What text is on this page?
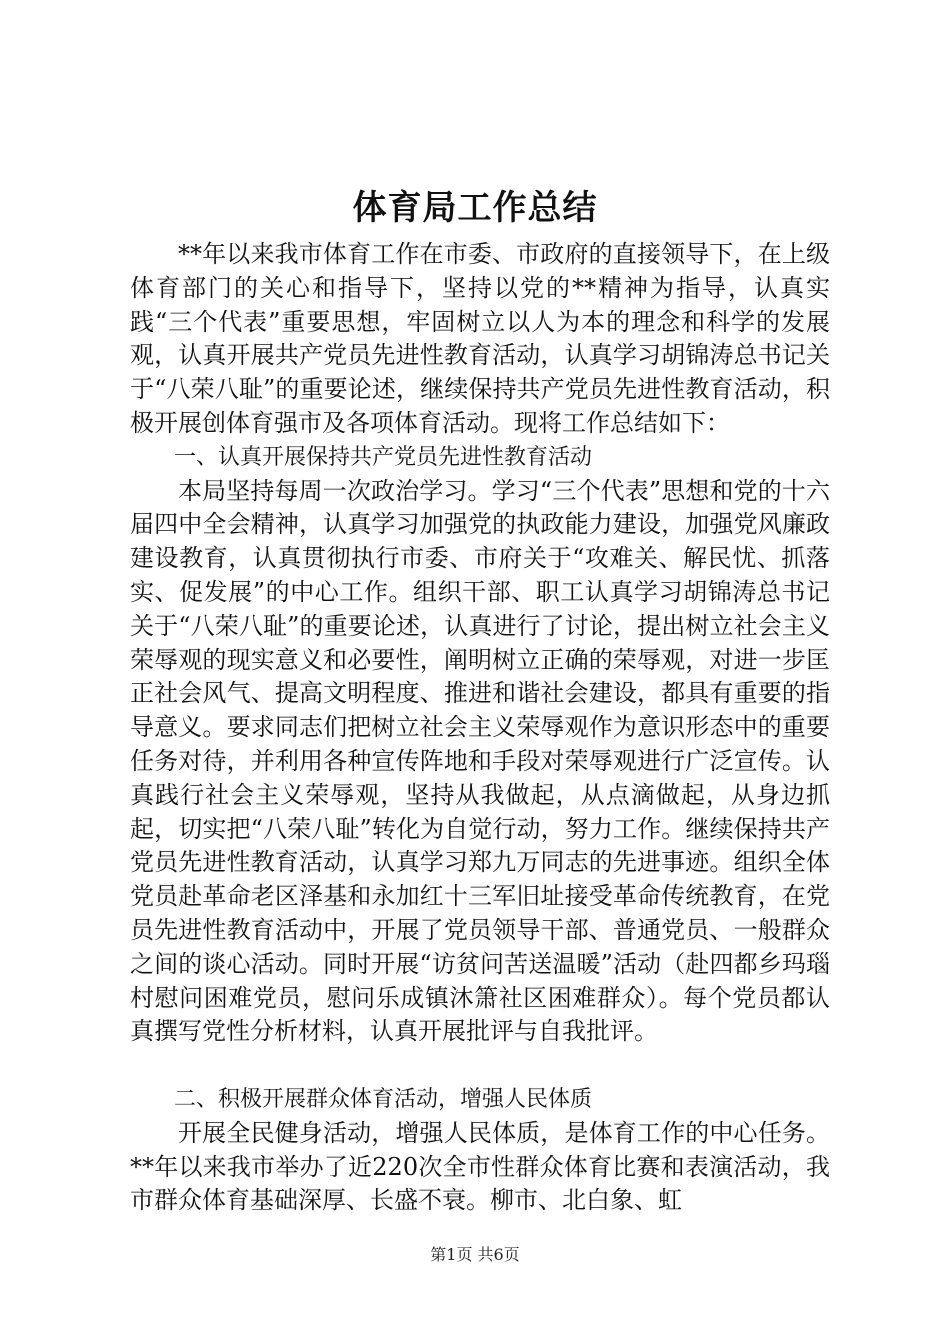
体育局工作总结

**年以来我市体育工作在市委、市政府的直接领导下，在上级体育部门的关心和指导下，坚持以党的**精神为指导，认真实践“三个代表”重要思想，牢固树立以人为本的理念和科学的发展观，认真开展共产党员先进性教育活动，认真学习胡锦涛总书记关于“八荣八耻”的重要论述，继续保持共产党员先进性教育活动，积极开展创体育强市及各项体育活动。现将工作总结如下：

一、认真开展保持共产党员先进性教育活动

本局坚持每周一次政治学习。学习“三个代表”思想和党的十六届四中全会精神，认真学习加强党的执政能力建设，加强党风廉政建设教育，认真贯彻执行市委、市府关于“攻难关、解民忧、抓落实、促发展”的中心工作。组织干部、职工认真学习胡锦涛总书记关于“八荣八耻”的重要论述，认真进行了讨论，提出树立社会主义荣辱观的现实意义和必要性，阐明树立正确的荣辱观，对进一步匡正社会风气、提高文明程度、推进和谐社会建设，都具有重要的指导意义。要求同志们把树立社会主义荣辱观作为意识形态中的重要任务对待，并利用各种宣传阵地和手段对荣辱观进行广泛宣传。认真践行社会主义荣辱观，坚持从我做起，从点滴做起，从身边抓起，切实把“八荣八耻”转化为自觉行动，努力工作。继续保持共产党员先进性教育活动，认真学习郑九万同志的先进事迹。组织全体党员赴革命老区泽基和永加红十三军旧址接受革命传统教育，在党员先进性教育活动中，开展了党员领导干部、普通党员、一般群众之间的谈心活动。同时开展“访贫问苦送温暖”活动（赴四都乡玛瑙村慰问困难党员，慰问乐成镇沐箫社区困难群众）。每个党员都认真撰写党性分析材料，认真开展批评与自我批评。

二、积极开展群众体育活动，增强人民体质

开展全民健身活动，增强人民体质，是体育工作的中心任务。**年以来我市举办了近220次全市性群众体育比赛和表演活动，我市群众体育基础深厚、长盛不衰。柳市、北白象、虹

第1页 共6页
